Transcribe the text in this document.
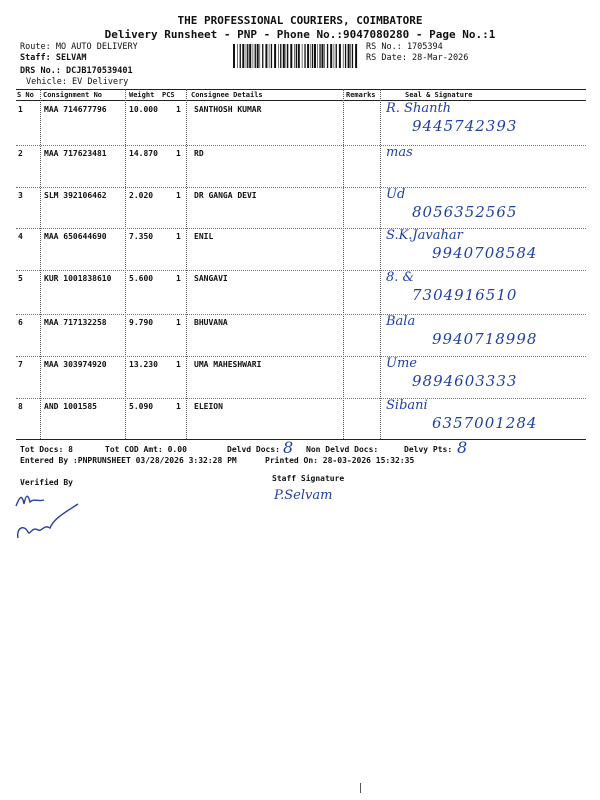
THE PROFESSIONAL COURIERS, COIMBATORE
Delivery Runsheet - PNP - Phone No.:9047080280 - Page No.:1
Route: MO AUTO DELIVERY
Staff: SELVAM
DRS No.: DCJB170539401
Vehicle: EV Delivery
RS No.: 1705394
RS Date: 28-Mar-2026
S No Consignment No	Weight PCS Consignee Details	Remarks	Seal & Signature
1	MAA 714677796	10.000 1 SANTHOSH KUMAR	R. Shanth
9445742393
2	MAA 717623481	14.870 1 RD	mas
3	SLM 392106462	2.020	1 DR GANGA DEVI	Ud
8056352565
4	MAA 650644690	7.350	1 ENIL	S.K.Javahar
9940708584
5	KUR 1001838610 5.600	1 SANGAVI	8. &
7304916510
6	MAA 717132258	9.790	1 BHUVANA	Bala
9940718998
7	MAA 303974920	13.230 1 UMA MAHESHWARI	Ume
9894603333
8	AND 1001585	5.090	1 ELEION	Sibani
6357001284
Tot Docs: 8	Tot COD Amt: 0.00	Delvd Docs: 8 Non Delvd Docs:	Delvy Pts: 8
Entered By :PNPRUNSHEET 03/28/2026 3:32:28 PM	Printed On: 28-03-2026 15:32:35
Verified By	Staff Signature
P.Selvam
